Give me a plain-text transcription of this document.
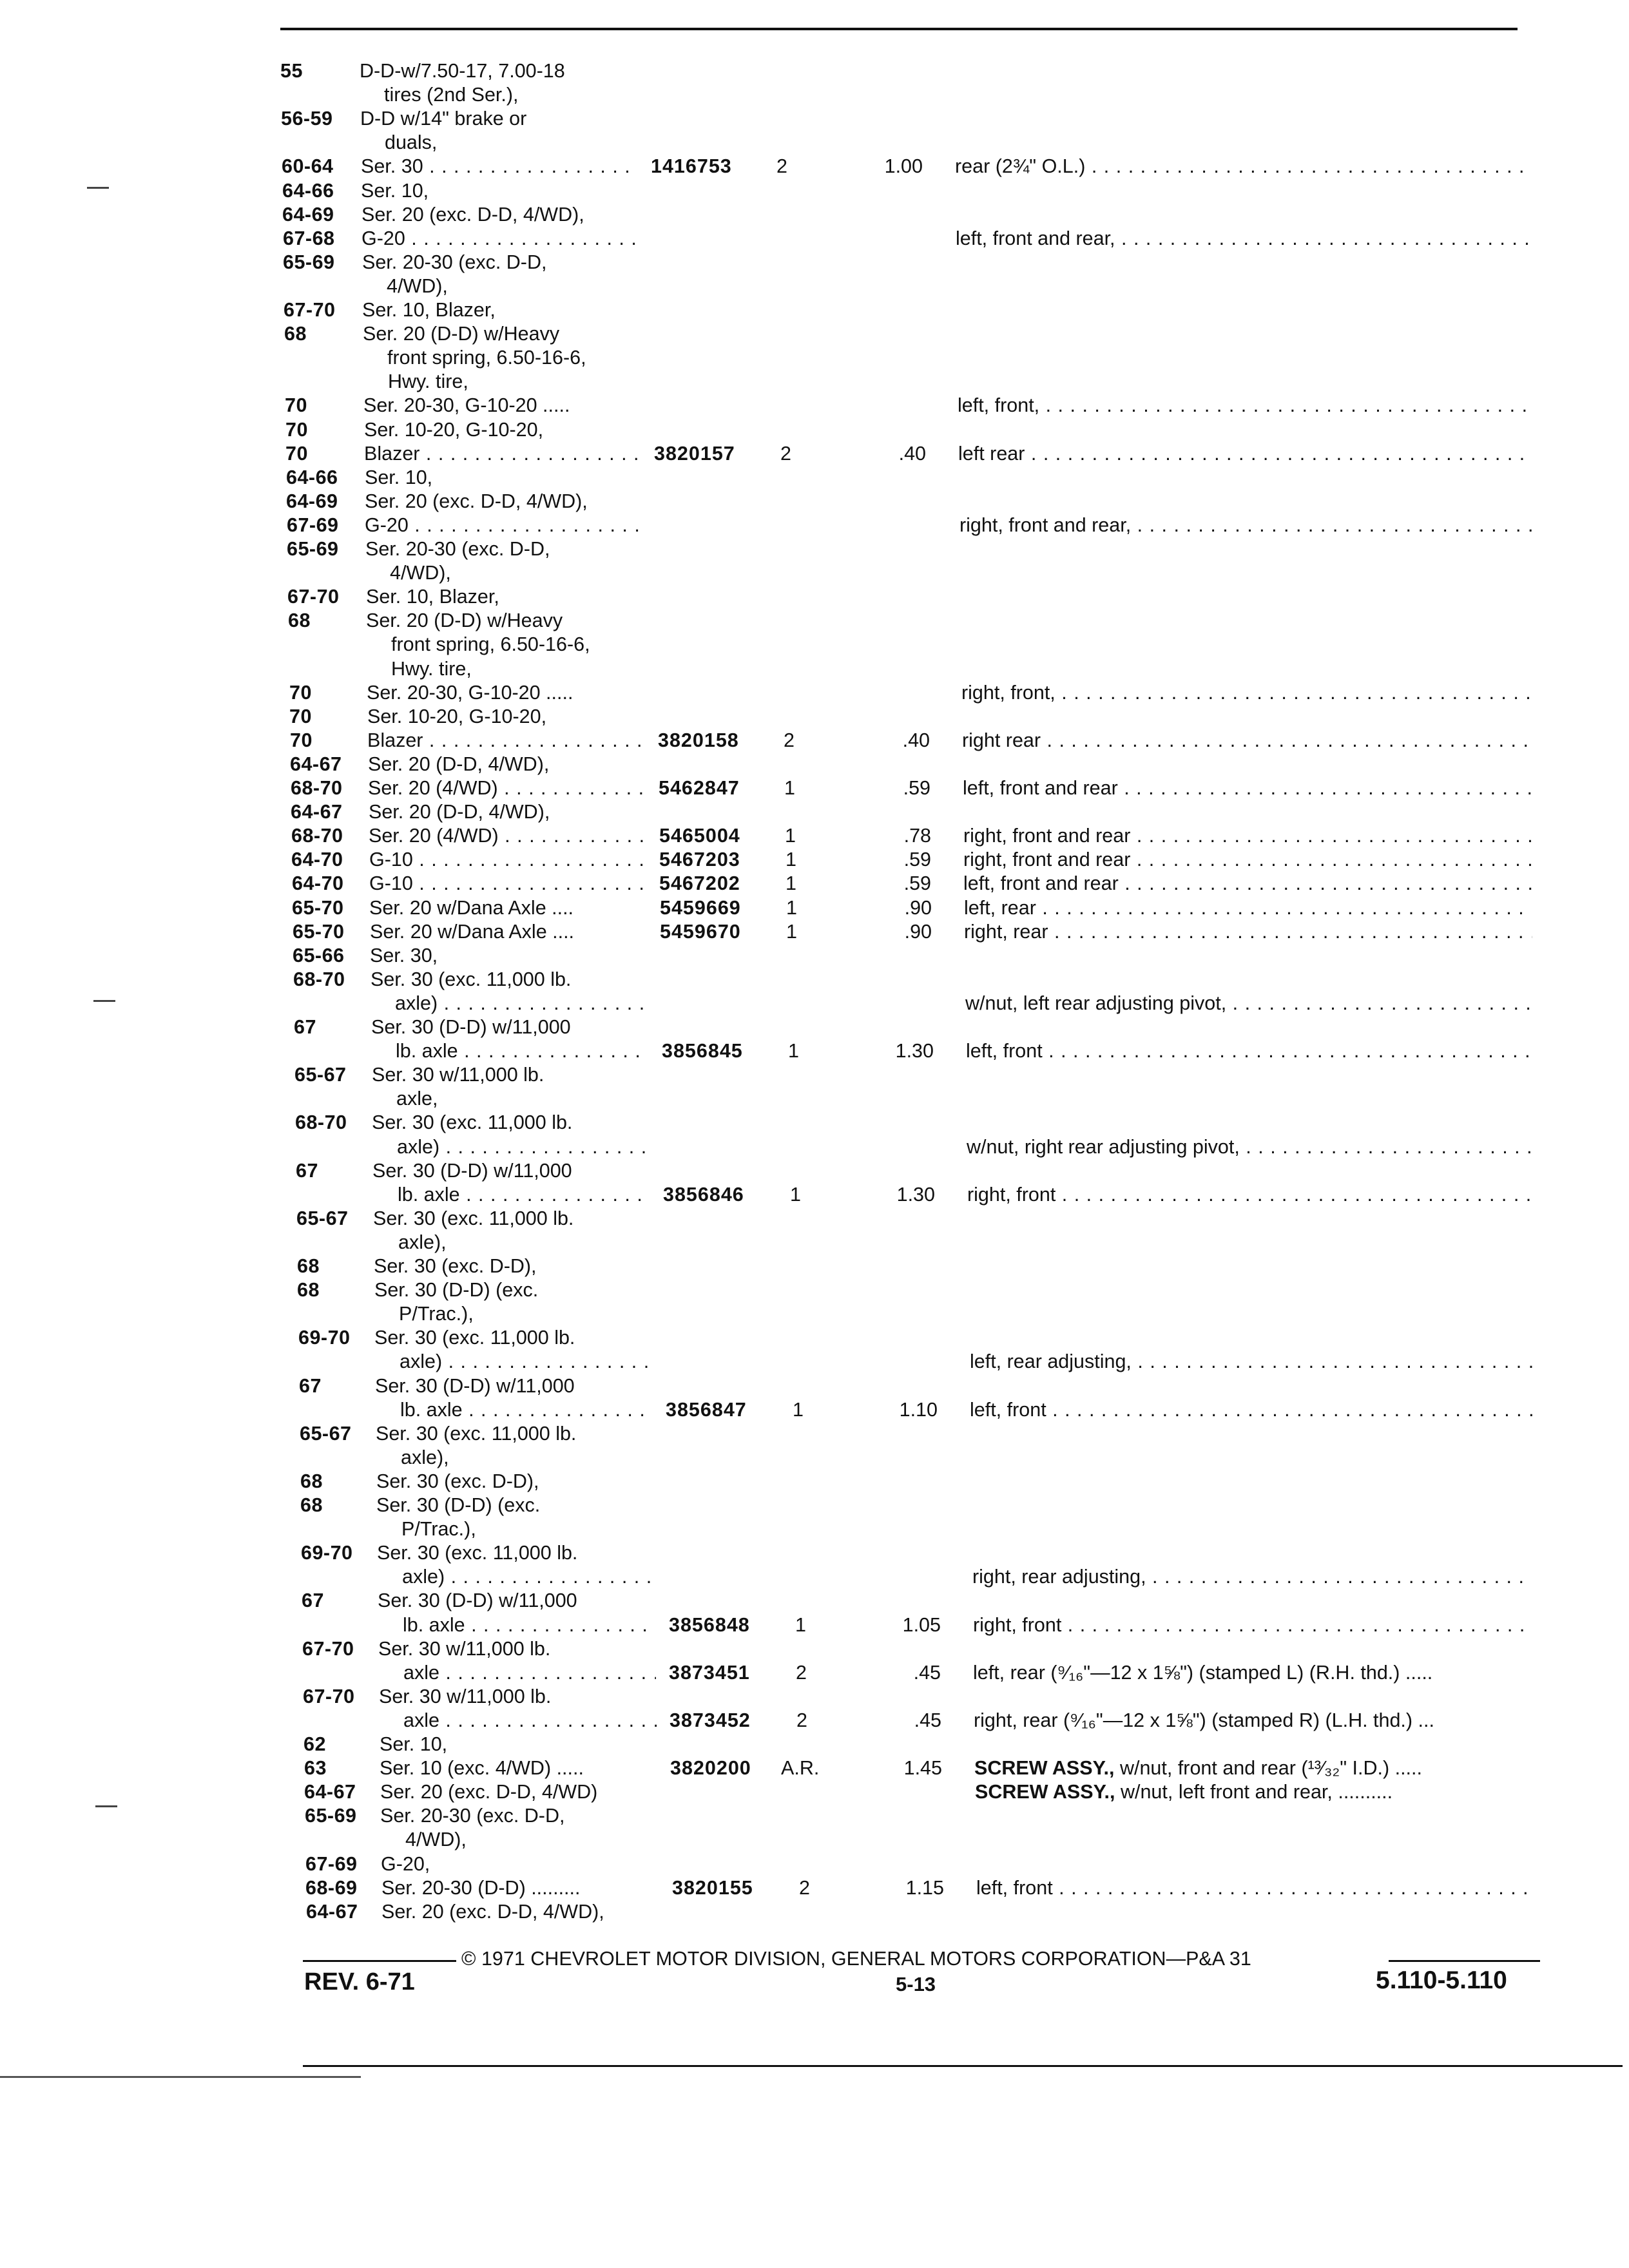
55	D-D-w/7.50-17, 7.00-18
tires (2nd Ser.),
56-59 D-D w/14" brake or
duals,
60-64 Ser. 30 . . .	1416753 2	1.00 rear (2¾" O.L.) . . .
64-66 Ser. 10,
64-69 Ser. 20 (exc. D-D, 4/WD),
67-68 G-20 . . .	left, front and rear, . . .
65-69 Ser. 20-30 (exc. D-D,
4/WD),
67-70 Ser. 10, Blazer,
68	Ser. 20 (D-D) w/Heavy
front spring, 6.50-16-6,
Hwy. tire,
70	Ser. 20-30, G-10-20 .....	left, front, . . .
70	Ser. 10-20, G-10-20,
70	Blazer . . .	3820157 2	.40 left rear . . .
64-66 Ser. 10,
64-69 Ser. 20 (exc. D-D, 4/WD),
67-69 G-20 . . .	right, front and rear, . . .
65-69 Ser. 20-30 (exc. D-D,
4/WD),
67-70 Ser. 10, Blazer,
68	Ser. 20 (D-D) w/Heavy
front spring, 6.50-16-6,
Hwy. tire,
70	Ser. 20-30, G-10-20 .....	right, front, . . .
70	Ser. 10-20, G-10-20,
70	Blazer . . .	3820158 2	.40 right rear . . .
64-67 Ser. 20 (D-D, 4/WD),
68-70 Ser. 20 (4/WD) . . .	5462847 1	.59 left, front and rear . . .
64-67 Ser. 20 (D-D, 4/WD),
68-70 Ser. 20 (4/WD) . . .	5465004 1	.78 right, front and rear . . .
64-70 G-10 . . .	5467203 1	.59 right, front and rear . . .
64-70 G-10 . . .	5467202 1	.59 left, front and rear . . .
65-70 Ser. 20 w/Dana Axle ....	5459669 1	.90 left, rear . . .
65-70 Ser. 20 w/Dana Axle ....	5459670 1	.90 right, rear . . .
65-66 Ser. 30,
68-70 Ser. 30 (exc. 11,000 lb.
axle) . . .	w/nut, left rear adjusting pivot, . . .
67	Ser. 30 (D-D) w/11,000
lb. axle . . .	3856845 1	1.30 left, front . . .
65-67 Ser. 30 w/11,000 lb.
axle,
68-70 Ser. 30 (exc. 11,000 lb.
axle) . . .	w/nut, right rear adjusting pivot, . . .
67	Ser. 30 (D-D) w/11,000
lb. axle . . .	3856846 1	1.30 right, front . . .
65-67 Ser. 30 (exc. 11,000 lb.
axle),
68	Ser. 30 (exc. D-D),
68	Ser. 30 (D-D) (exc.
P/Trac.),
69-70 Ser. 30 (exc. 11,000 lb.
axle) . . .	left, rear adjusting, . . .
67	Ser. 30 (D-D) w/11,000
lb. axle . . .	3856847 1	1.10 left, front . . .
65-67 Ser. 30 (exc. 11,000 lb.
axle),
68	Ser. 30 (exc. D-D),
68	Ser. 30 (D-D) (exc.
P/Trac.),
69-70 Ser. 30 (exc. 11,000 lb.
axle) . . .	right, rear adjusting, . . .
67	Ser. 30 (D-D) w/11,000
lb. axle . . .	3856848 1	1.05 right, front . . .
67-70 Ser. 30 w/11,000 lb.
axle . . .	3873451 2	.45 left, rear (⁹⁄₁₆"—12 x 1⅝") (stamped L) (R.H. thd.) .....
67-70 Ser. 30 w/11,000 lb.
axle . . .	3873452 2	.45 right, rear (⁹⁄₁₆"—12 x 1⅝") (stamped R) (L.H. thd.) ...
62	Ser. 10,
63	Ser. 10 (exc. 4/WD) .....	3820200 A.R.	1.45 SCREW ASSY., w/nut, front and rear (¹³⁄₃₂" I.D.) .....
64-67 Ser. 20 (exc. D-D, 4/WD)	SCREW ASSY., w/nut, left front and rear, ..........
65-69 Ser. 20-30 (exc. D-D,
4/WD),
67-69 G-20,
68-69 Ser. 20-30 (D-D) .........	3820155 2	1.15 left, front . . .
64-67 Ser. 20 (exc. D-D, 4/WD),
© 1971 CHEVROLET MOTOR DIVISION, GENERAL MOTORS CORPORATION—P&A 31
REV. 6-71	5-13	5.110-5.110
